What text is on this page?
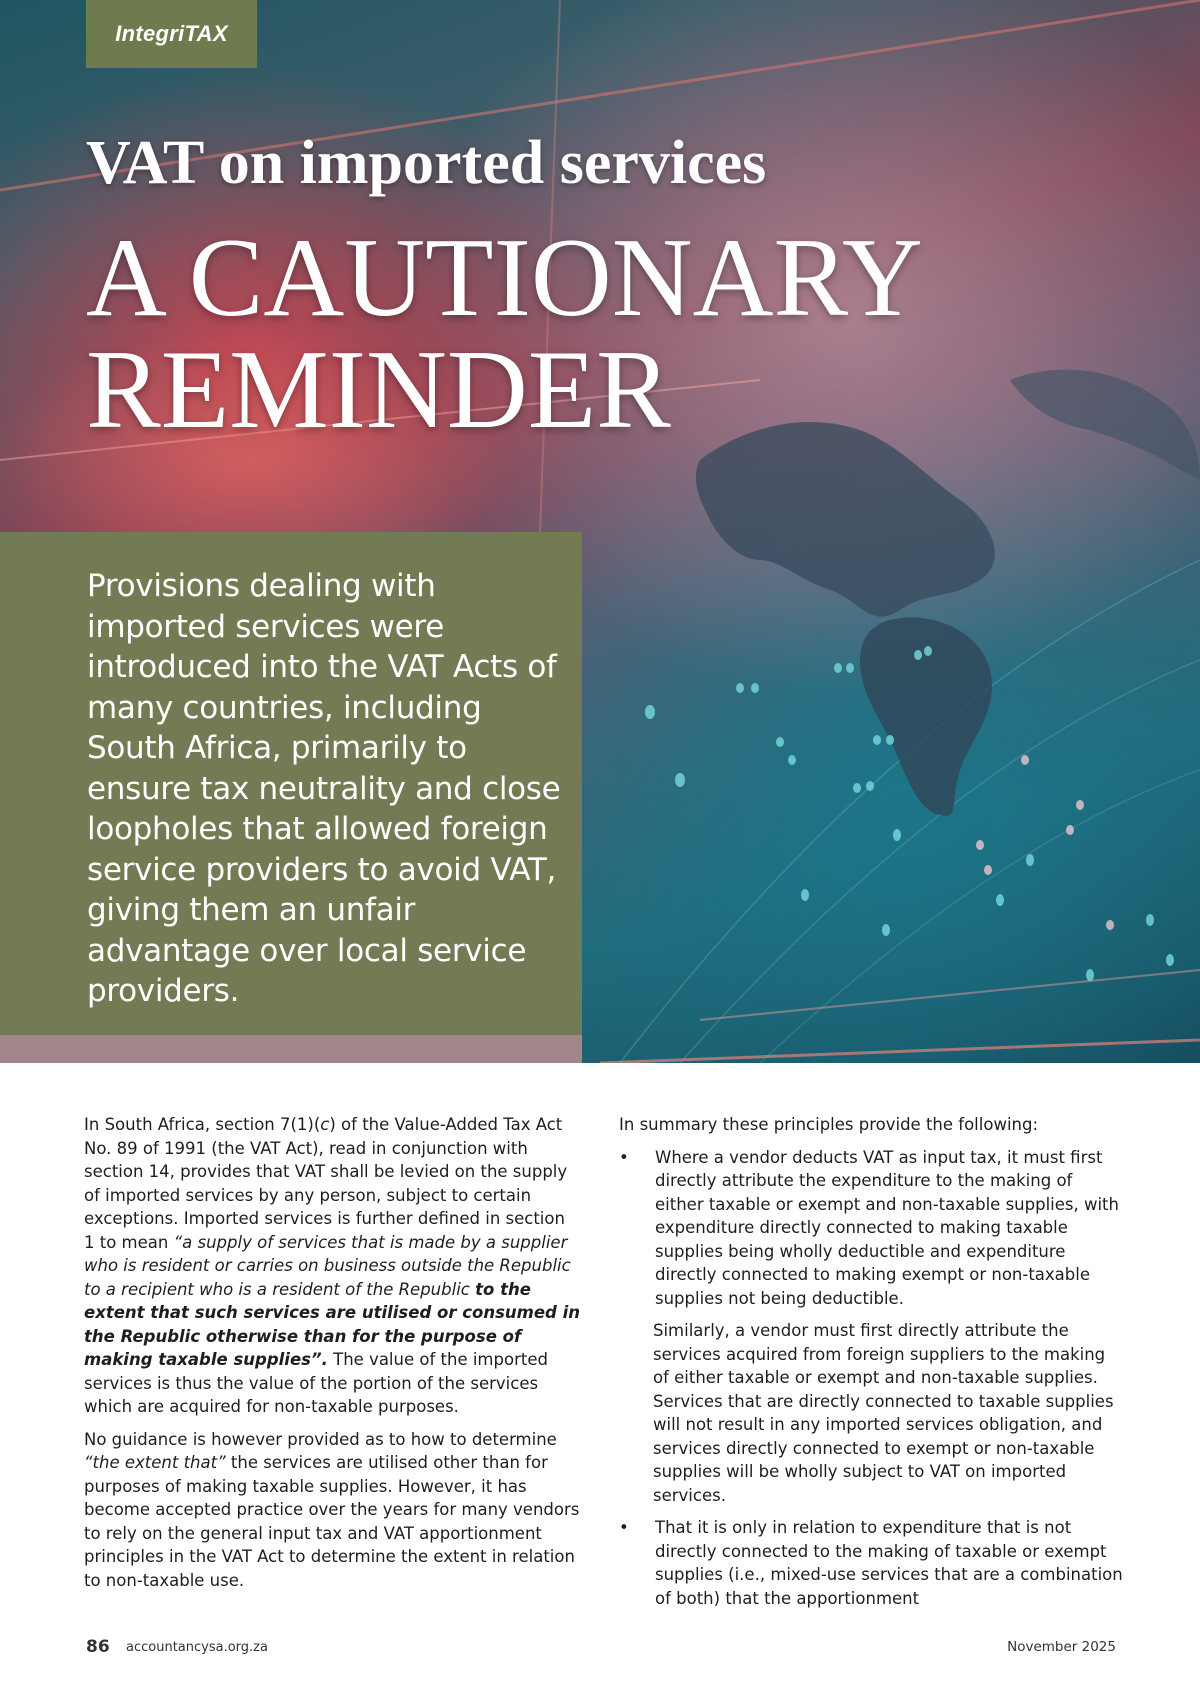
IntegriTAX
VAT on imported services
A CAUTIONARY
REMINDER

Provisions dealing with imported services were introduced into the VAT Acts of many countries, including South Africa, primarily to ensure tax neutrality and close loopholes that allowed foreign service providers to avoid VAT, giving them an unfair advantage over local service providers.

In South Africa, section 7(1)(c) of the Value-Added Tax Act No. 89 of 1991 (the VAT Act), read in conjunction with section 14, provides that VAT shall be levied on the supply of imported services by any person, subject to certain exceptions. Imported services is further defined in section 1 to mean “a supply of services that is made by a supplier who is resident or carries on business outside the Republic to a recipient who is a resident of the Republic to the extent that such services are utilised or consumed in the Republic otherwise than for the purpose of making taxable supplies”. The value of the imported services is thus the value of the portion of the services which are acquired for non-taxable purposes.

No guidance is however provided as to how to determine “the extent that” the services are utilised other than for purposes of making taxable supplies. However, it has become accepted practice over the years for many vendors to rely on the general input tax and VAT apportionment principles in the VAT Act to determine the extent in relation to non-taxable use.

In summary these principles provide the following:

• Where a vendor deducts VAT as input tax, it must first directly attribute the expenditure to the making of either taxable or exempt and non-taxable supplies, with expenditure directly connected to making taxable supplies being wholly deductible and expenditure directly connected to making exempt or non-taxable supplies not being deductible.

Similarly, a vendor must first directly attribute the services acquired from foreign suppliers to the making of either taxable or exempt and non-taxable supplies. Services that are directly connected to taxable supplies will not result in any imported services obligation, and services directly connected to exempt or non-taxable supplies will be wholly subject to VAT on imported services.

• That it is only in relation to expenditure that is not directly connected to the making of taxable or exempt supplies (i.e., mixed-use services that are a combination of both) that the apportionment
86 accountancysa.org.za	November 2025
